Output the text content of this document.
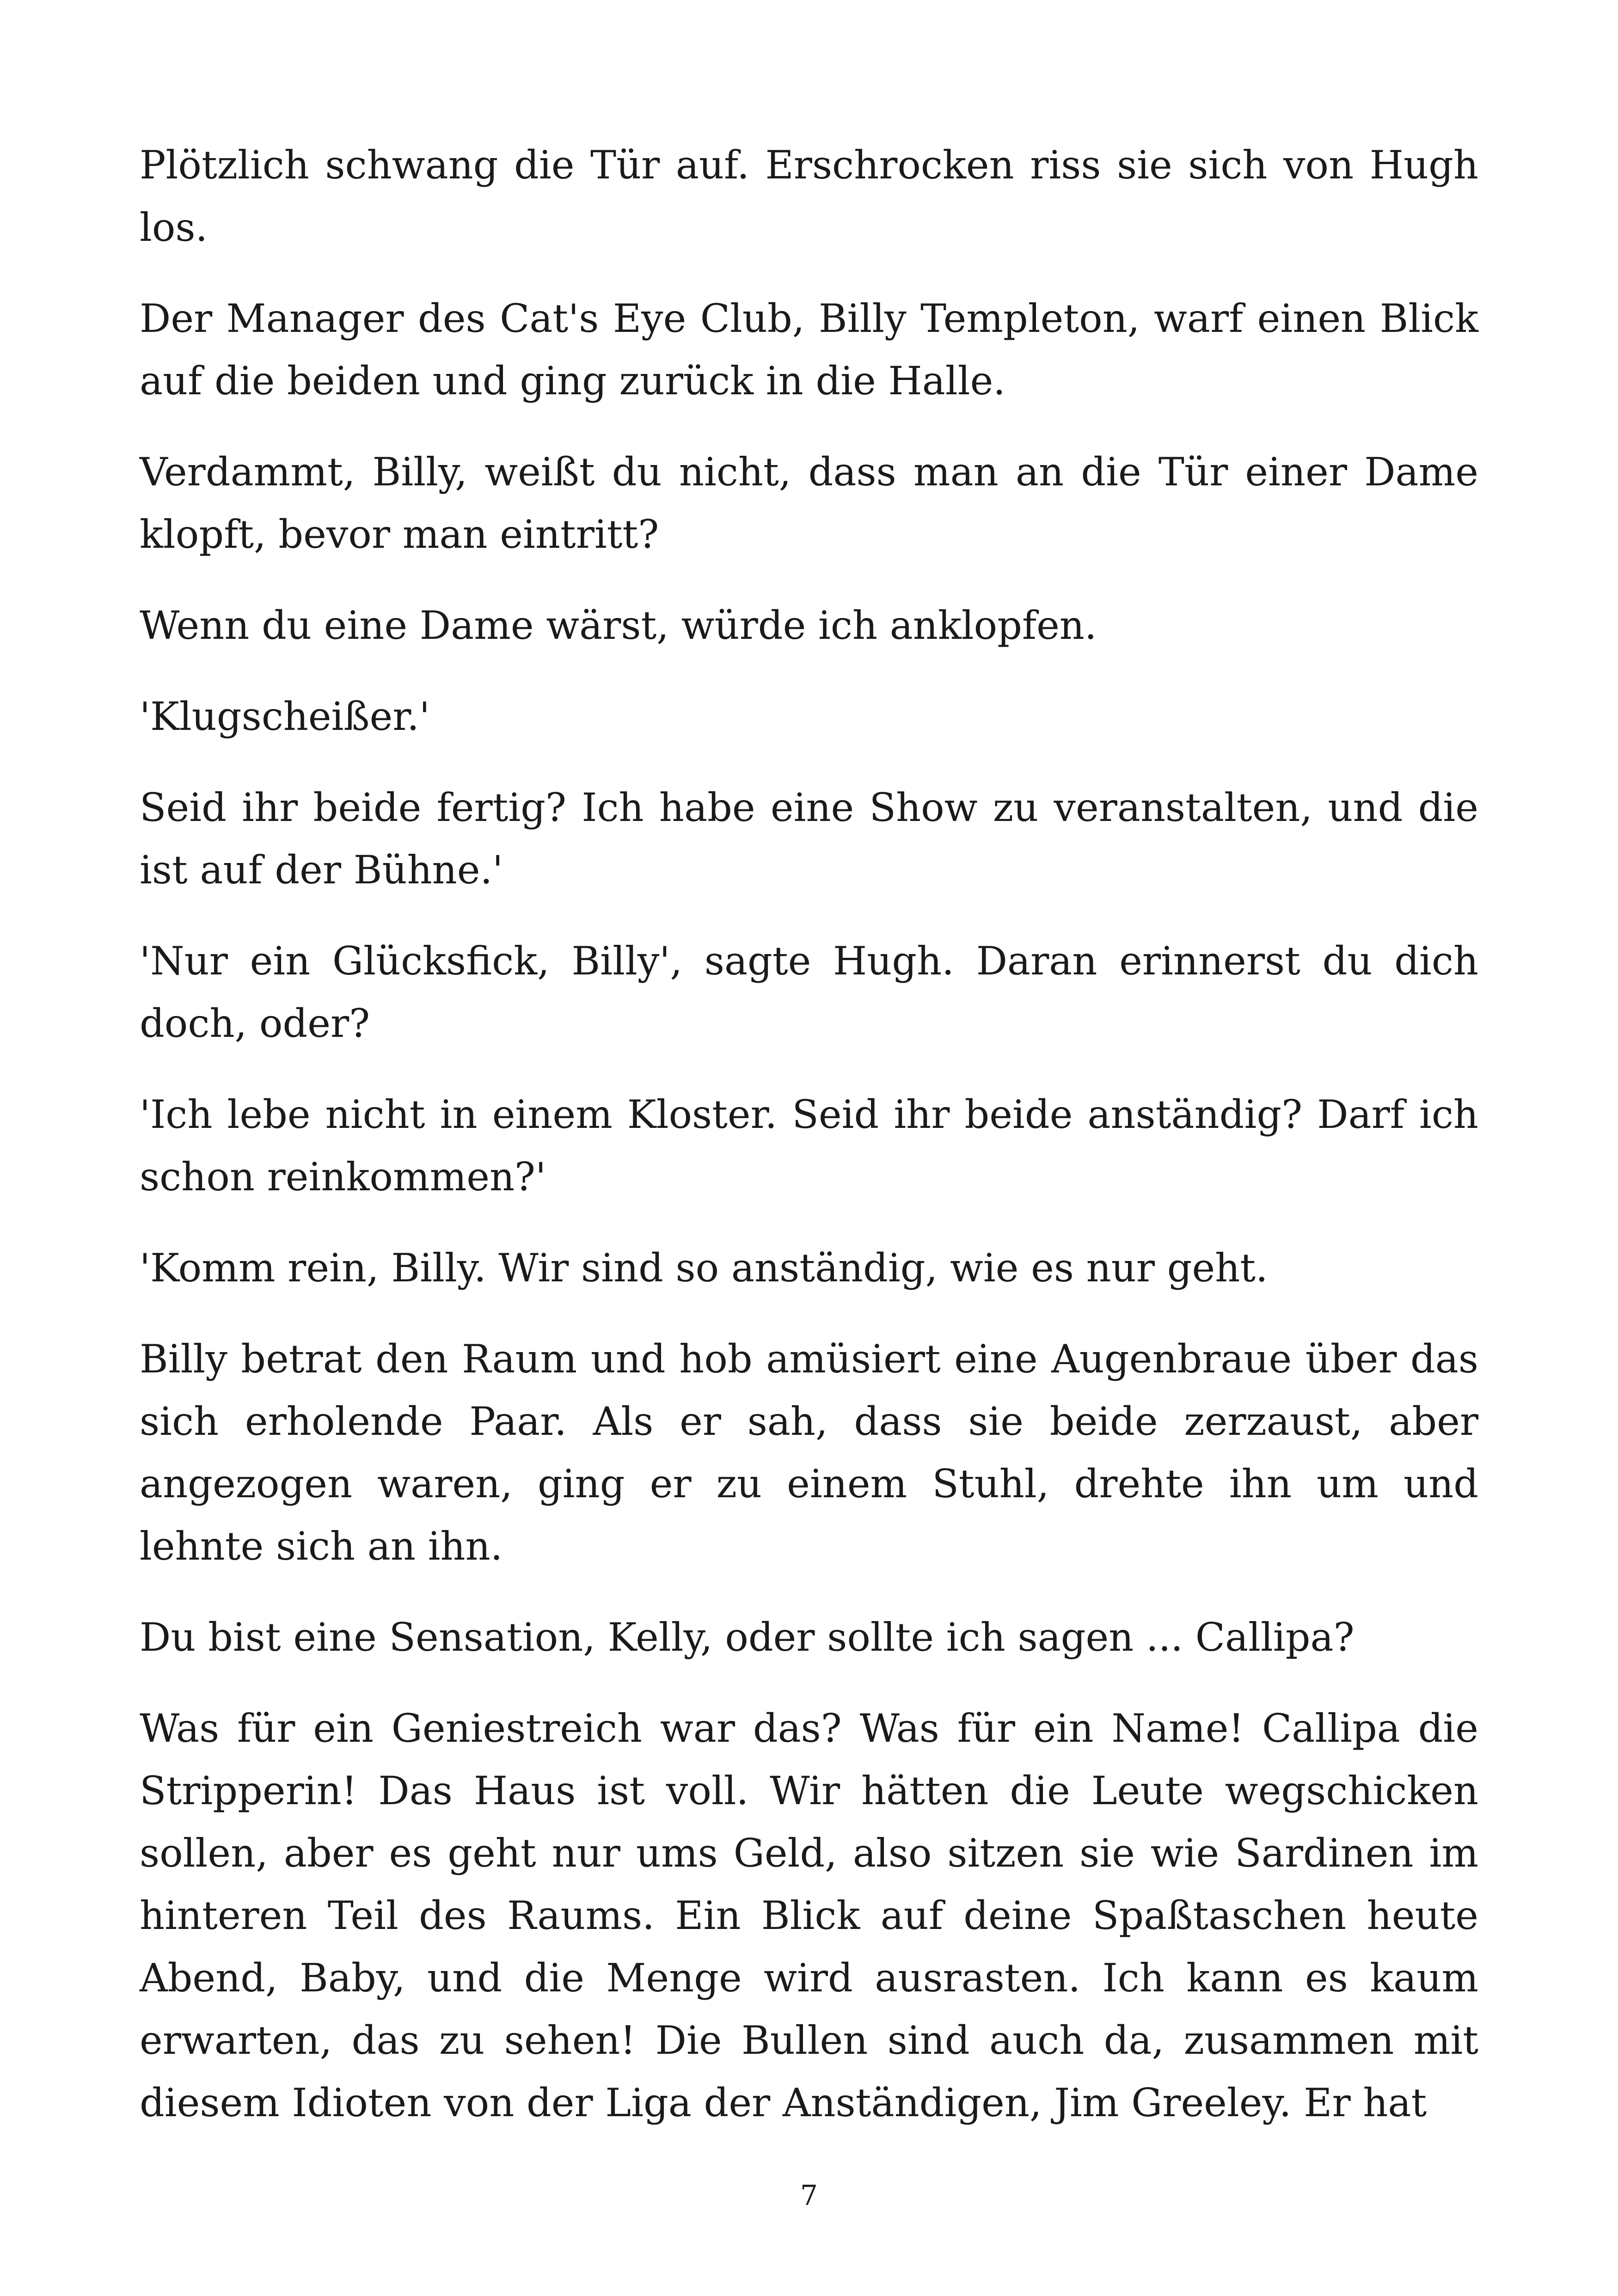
Plötzlich schwang die Tür auf. Erschrocken riss sie sich von Hugh los.

Der Manager des Cat's Eye Club, Billy Templeton, warf einen Blick auf die beiden und ging zurück in die Halle.

Verdammt, Billy, weißt du nicht, dass man an die Tür einer Dame klopft, bevor man eintritt?

Wenn du eine Dame wärst, würde ich anklopfen.

'Klugscheißer.'

Seid ihr beide fertig? Ich habe eine Show zu veranstalten, und die ist auf der Bühne.'

'Nur ein Glücksfick, Billy', sagte Hugh. Daran erinnerst du dich doch, oder?

'Ich lebe nicht in einem Kloster. Seid ihr beide anständig? Darf ich schon reinkommen?'

'Komm rein, Billy. Wir sind so anständig, wie es nur geht.

Billy betrat den Raum und hob amüsiert eine Augenbraue über das sich erholende Paar. Als er sah, dass sie beide zerzaust, aber angezogen waren, ging er zu einem Stuhl, drehte ihn um und lehnte sich an ihn.

Du bist eine Sensation, Kelly, oder sollte ich sagen ... Callipa?

Was für ein Geniestreich war das? Was für ein Name! Callipa die Stripperin! Das Haus ist voll. Wir hätten die Leute wegschicken sollen, aber es geht nur ums Geld, also sitzen sie wie Sardinen im hinteren Teil des Raums. Ein Blick auf deine Spaßtaschen heute Abend, Baby, und die Menge wird ausrasten. Ich kann es kaum erwarten, das zu sehen! Die Bullen sind auch da, zusammen mit diesem Idioten von der Liga der Anständigen, Jim Greeley. Er hat

7
